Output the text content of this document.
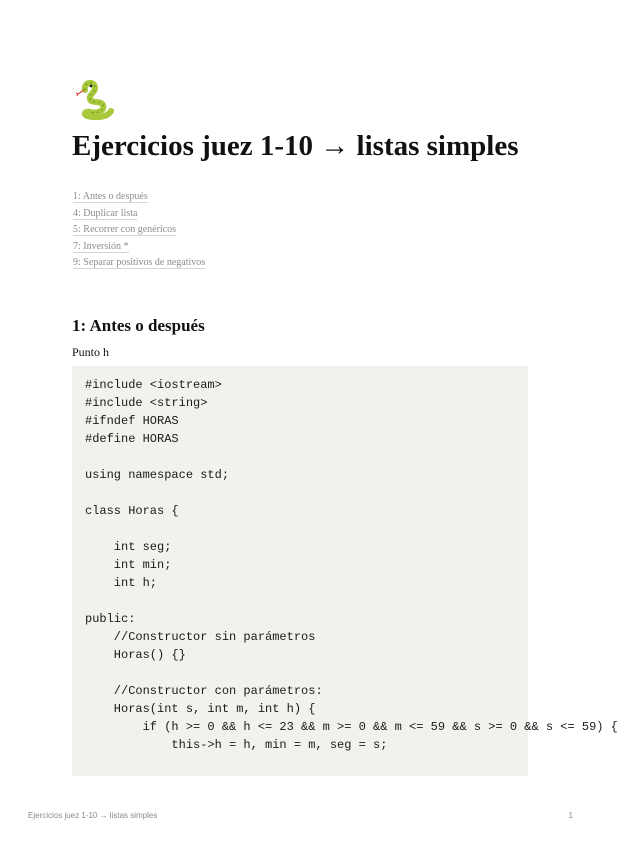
Ejercicios juez 1-10 → listas simples
1: Antes o después
4: Duplicar lista
5: Recorrer con genéricos
7: Inversión *
9: Separar positivos de negativos
1: Antes o después

Punto h

#include <iostream>
#include <string>
#ifndef HORAS
#define HORAS

using namespace std;

class Horas {

int seg;
int min;
int h;

public:
//Constructor sin parámetros
Horas() {}

//Constructor con parámetros:
Horas(int s, int m, int h) {
if (h >= 0 && h <= 23 && m >= 0 && m <= 59 && s >= 0 && s <= 59) {
this->h = h, min = m, seg = s;
Ejercicios juez 1-10 → listas simples	1
